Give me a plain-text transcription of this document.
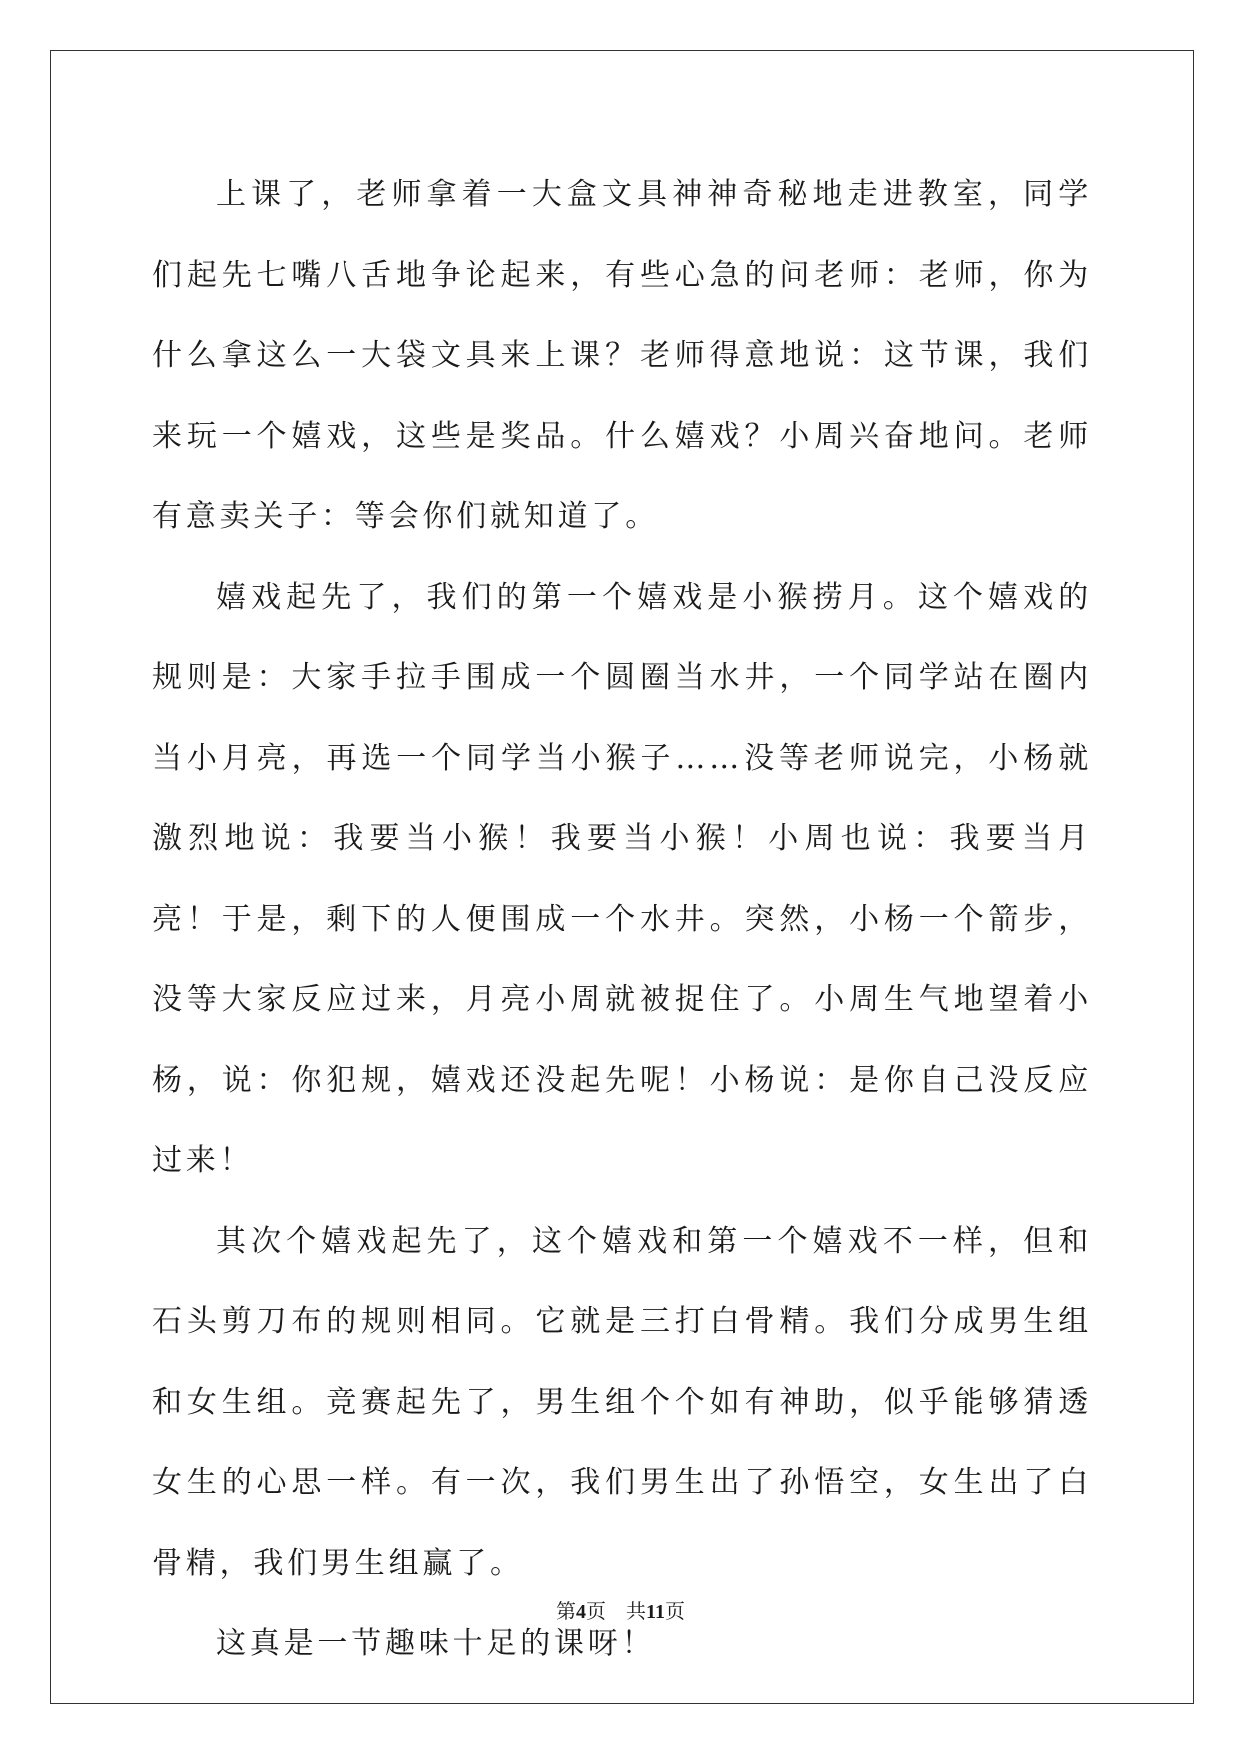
上课了，老师拿着一大盒文具神神奇秘地走进教室，同学们起先七嘴八舌地争论起来，有些心急的问老师：老师，你为什么拿这么一大袋文具来上课？老师得意地说：这节课，我们来玩一个嬉戏，这些是奖品。什么嬉戏？小周兴奋地问。老师有意卖关子：等会你们就知道了。

嬉戏起先了，我们的第一个嬉戏是小猴捞月。这个嬉戏的规则是：大家手拉手围成一个圆圈当水井，一个同学站在圈内当小月亮，再选一个同学当小猴子……没等老师说完，小杨就激烈地说：我要当小猴！我要当小猴！小周也说：我要当月亮！于是，剩下的人便围成一个水井。突然，小杨一个箭步，没等大家反应过来，月亮小周就被捉住了。小周生气地望着小杨，说：你犯规，嬉戏还没起先呢！小杨说：是你自己没反应过来！

其次个嬉戏起先了，这个嬉戏和第一个嬉戏不一样，但和石头剪刀布的规则相同。它就是三打白骨精。我们分成男生组和女生组。竞赛起先了，男生组个个如有神助，似乎能够猜透女生的心思一样。有一次，我们男生出了孙悟空，女生出了白骨精，我们男生组赢了。

这真是一节趣味十足的课呀！

第4页 共11页
